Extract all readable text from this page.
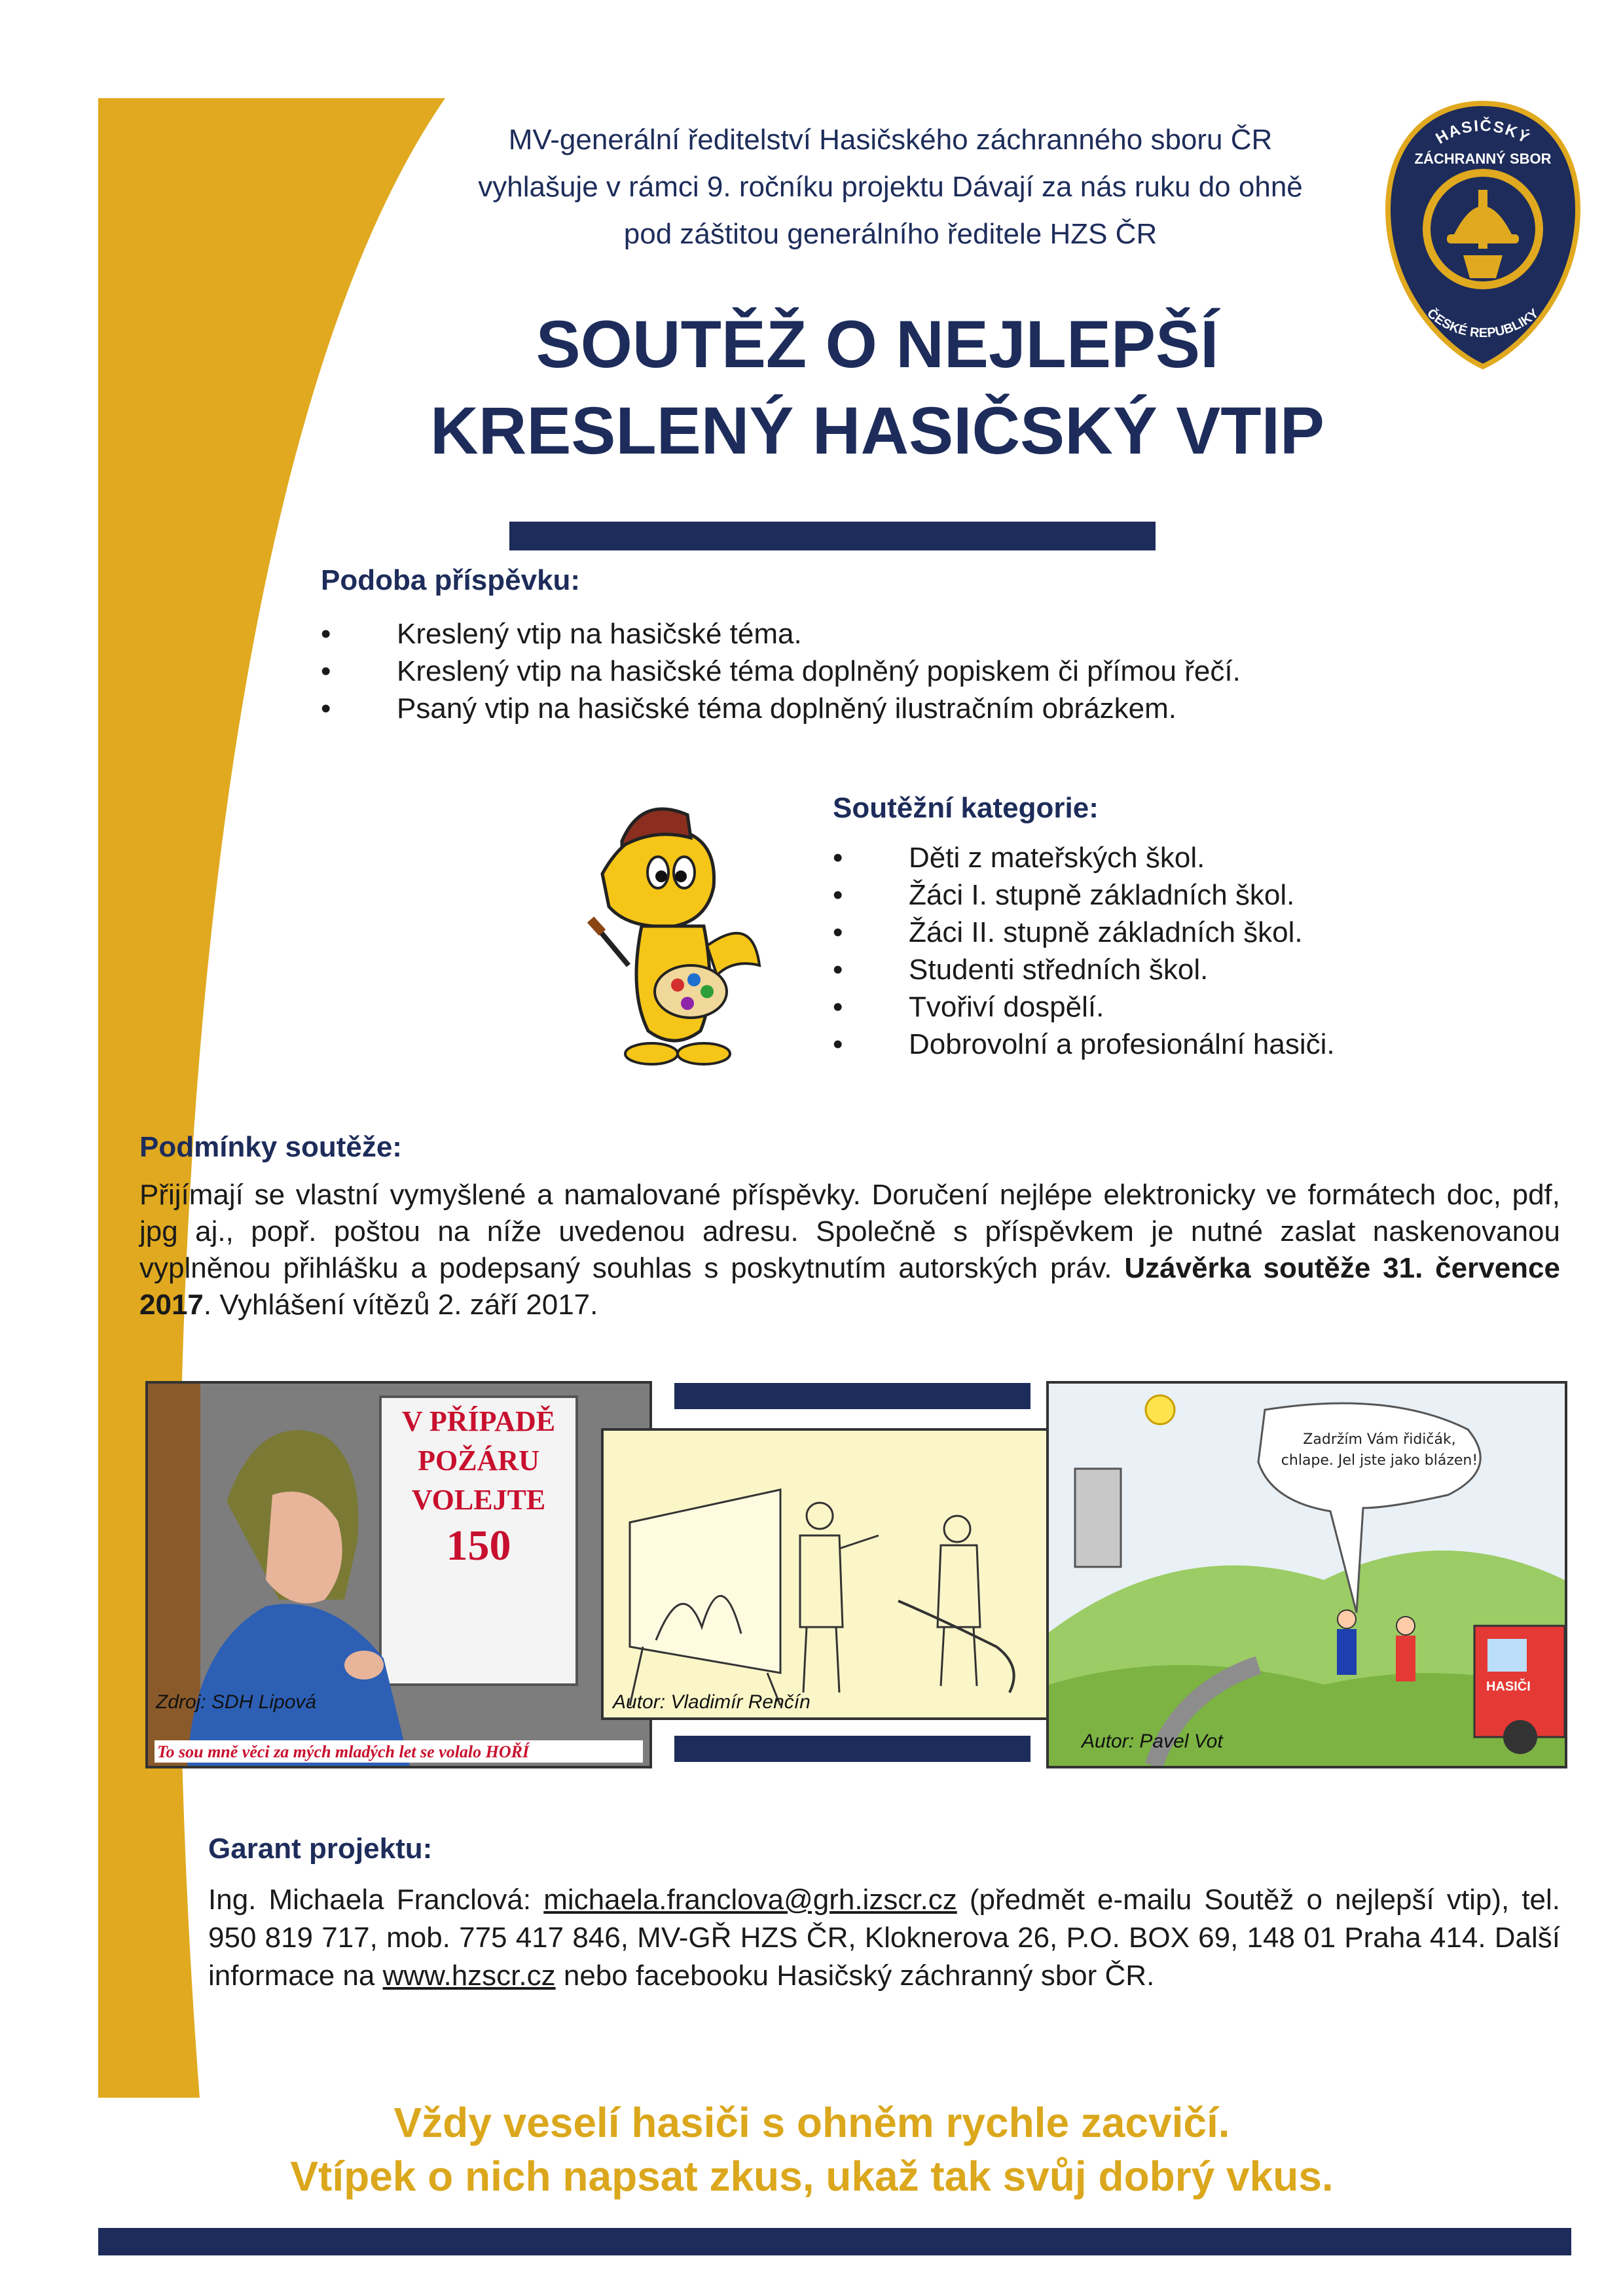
MV-generální ředitelství Hasičského záchranného sboru ČR
vyhlašuje v rámci 9. ročníku projektu Dávají za nás ruku do ohně
pod záštitou generálního ředitele HZS ČR
HASIČSKÝ
ZÁCHRANNÝ SBOR
ČESKÉ REPUBLIKY
SOUTĚŽ O NEJLEPŠÍ
KRESLENÝ HASIČSKÝ VTIP
Podoba příspěvku:
• Kreslený vtip na hasičské téma.
• Kreslený vtip na hasičské téma doplněný popiskem či přímou řečí.
• Psaný vtip na hasičské téma doplněný ilustračním obrázkem.
Soutěžní kategorie:
• Děti z mateřských škol.
• Žáci I. stupně základních škol.
• Žáci II. stupně základních škol.
• Studenti středních škol.
• Tvořiví dospělí.
• Dobrovolní a profesionální hasiči.
Podmínky soutěže:

Přijímají se vlastní vymyšlené a namalované příspěvky. Doručení nejlépe elektronicky ve formátech doc, pdf, jpg aj., popř. poštou na níže uvedenou adresu. Společně s příspěvkem je nutné zaslat naskenovanou vyplněnou přihlášku a podepsaný souhlas s poskytnutím autorských práv. Uzávěrka soutěže 31. července 2017. Vyhlášení vítězů 2. září 2017.

V PŘÍPADĚ
POŽÁRU
VOLEJTE
150
Zdroj: SDH Lipová
To sou mně věci za mých mladých let se volalo HOŘÍ
Autor: Vladimír Renčín
Zadržím Vám řidičák,
chlape. Jel jste jako blázen!
HASIČI
Autor: Pavel Vot
Garant projektu:

Ing. Michaela Franclová: michaela.franclova@grh.izscr.cz (předmět e-mailu Soutěž o nejlepší vtip), tel. 950 819 717, mob. 775 417 846, MV-GŘ HZS ČR, Kloknerova 26, P.O. BOX 69, 148 01 Praha 414. Další informace na www.hzscr.cz nebo facebooku Hasičský záchranný sbor ČR.

Vždy veselí hasiči s ohněm rychle zacvičí.
Vtípek o nich napsat zkus, ukaž tak svůj dobrý vkus.
